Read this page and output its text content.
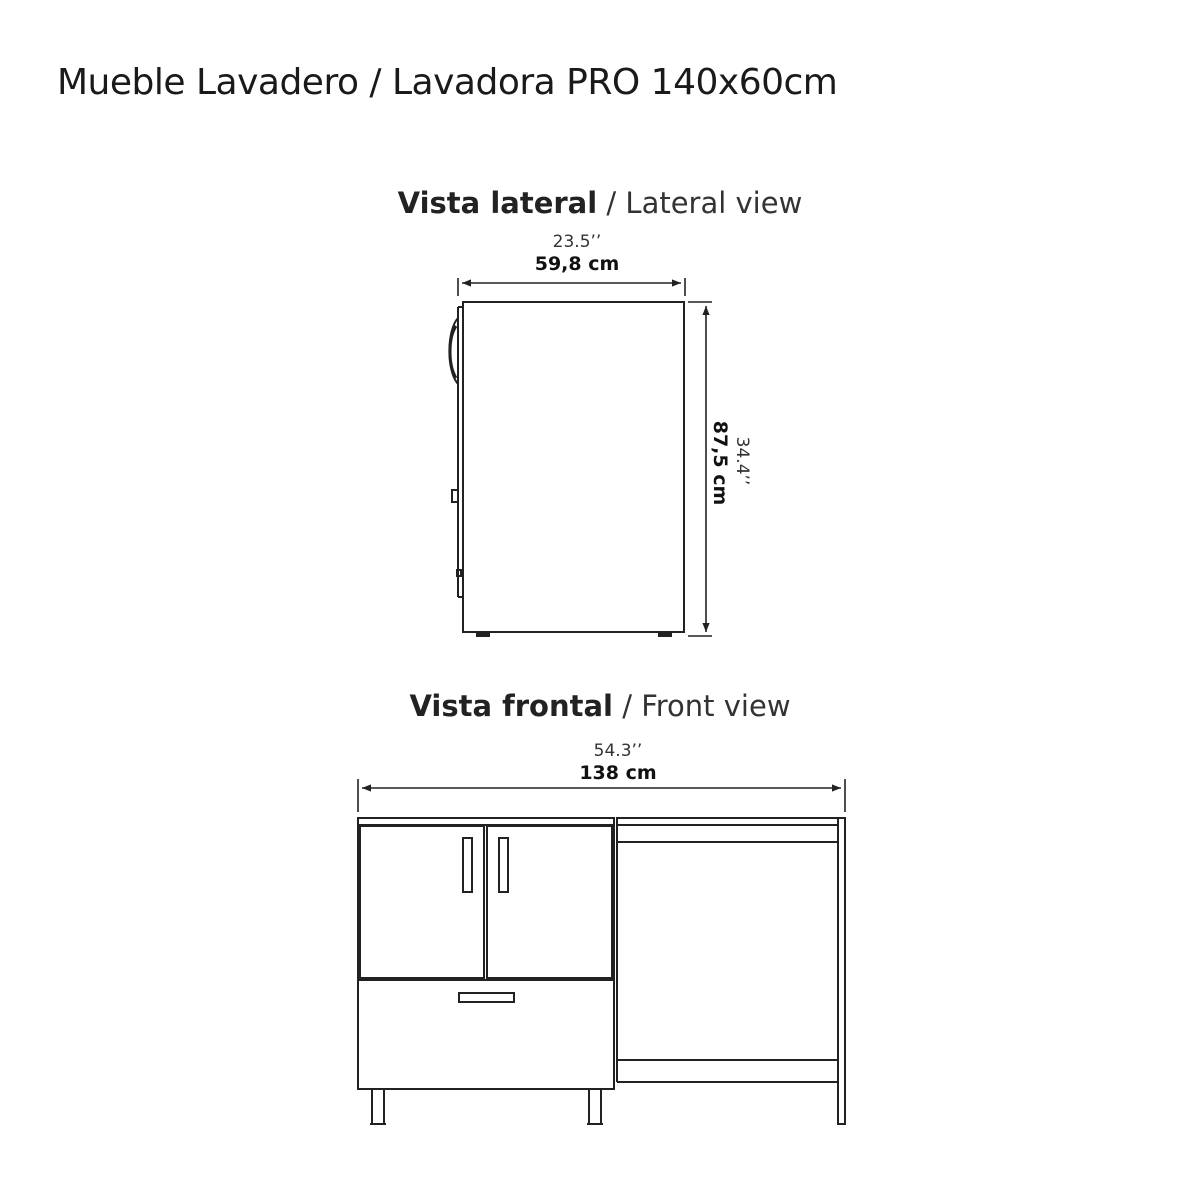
Mueble Lavadero / Lavadora PRO 140x60cm
Vista lateral / Lateral view
23.5’’
59,8 cm
87,5 cm 34.4’’
Vista frontal / Front view
54.3’’
138 cm
